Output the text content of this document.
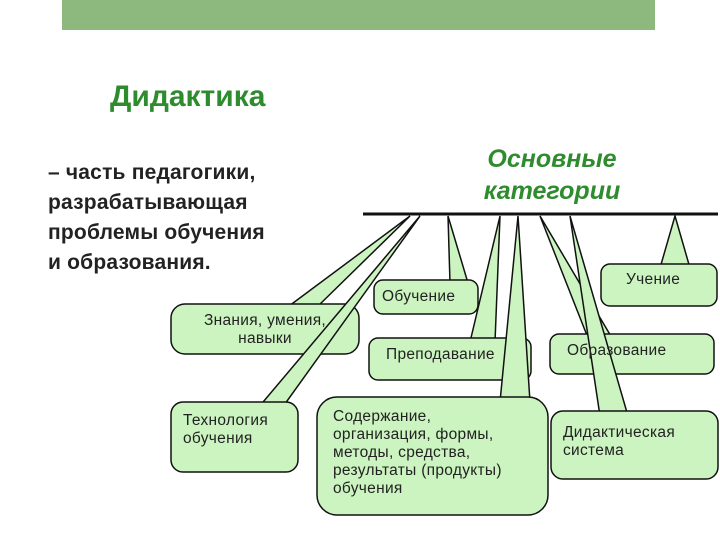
Дидактика
– часть педагогики,
разрабатывающая
проблемы обучения
и образования.
Основные
категории
Обучение
Учение
Знания, умения,
навыки
Преподавание	Образование
Технология
обучения
Содержание,
организация, формы,
методы, средства,
результаты (продукты)
обучения
Дидактическая
система
